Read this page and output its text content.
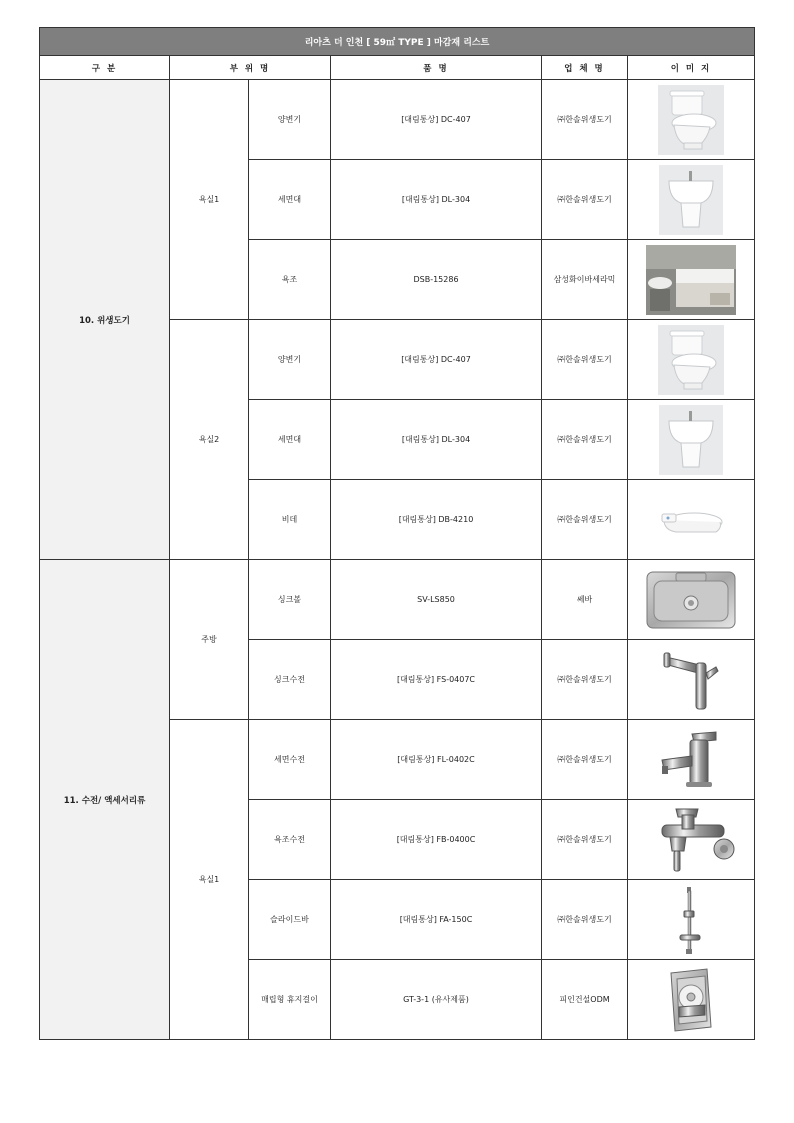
리아츠 더 인천 [ 59㎡ TYPE ] 마감재 리스트					
구 분	부 위 명		품 명	업 체 명	이 미 지
10. 위생도기	욕실1	양변기	[대림통상] DC-407	㈜한솔위생도기	

		세면대	[대림통상] DL-304	㈜한솔위생도기	

		욕조	DSB-15286	삼성화이바세라믹	

	욕실2	양변기	[대림통상] DC-407	㈜한솔위생도기	

		세면대	[대림통상] DL-304	㈜한솔위생도기	

		비데	[대림통상] DB-4210	㈜한솔위생도기	

11. 수전/ 액세서리류	주방	싱크볼	SV-LS850	쎄바	

		싱크수전	[대림통상] FS-0407C	㈜한솔위생도기	

	욕실1	세면수전	[대림통상] FL-0402C	㈜한솔위생도기	

		욕조수전	[대림통상] FB-0400C	㈜한솔위생도기	

		슬라이드바	[대림통상] FA-150C	㈜한솔위생도기	

		매립형 휴지걸이	GT-3-1 (유사제품)	피인건설ODM	
